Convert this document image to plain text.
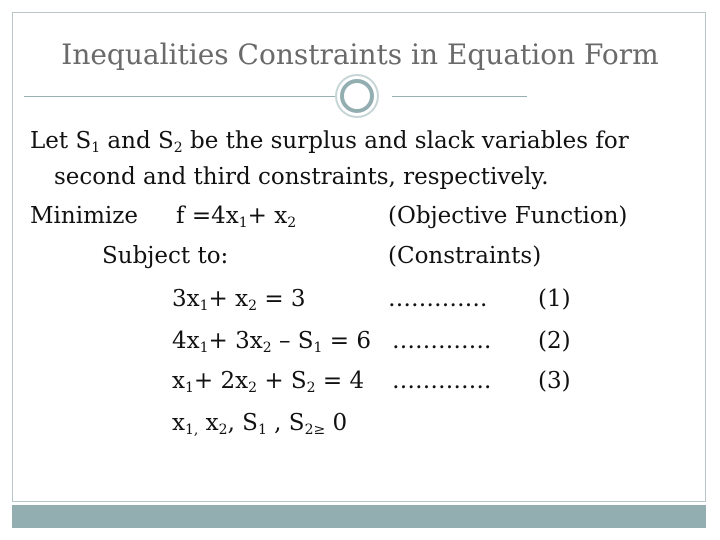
Inequalities Constraints in Equation Form
Let $S_1$ and $S_2$ be the surplus and slack variables for
second and third constraints, respectively.
Minimize $f =4x_1+ x_2$	(Objective Function)
Subject to:	(Constraints)
$3x_1+ x_2 = 3$	…………. (1)
$4x_1+ 3x_2 - S_1 = 6$ …………. (2)
$x_1+ 2x_2 + S_2 = 4$ …………. (3)
$x_{1,}$ $x_2$, $S_1$ , $S_{2\ge}$ 0
